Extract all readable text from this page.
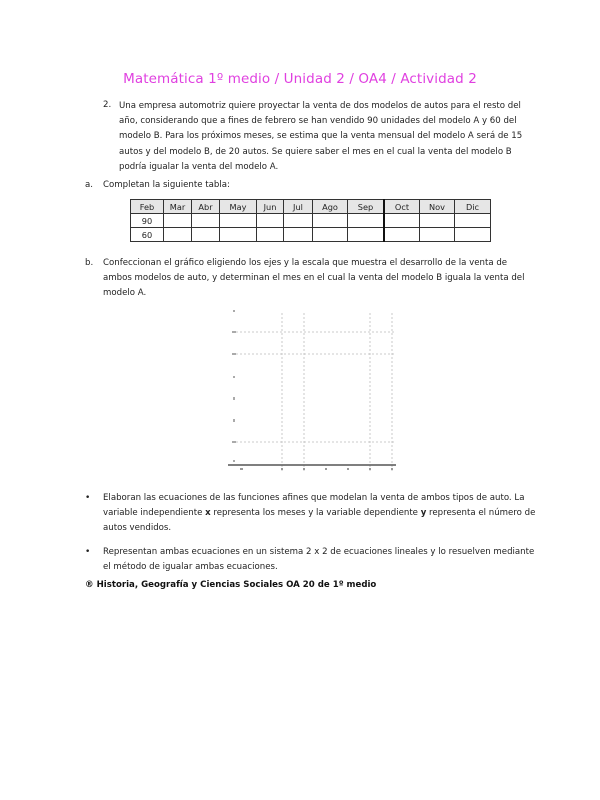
Matemática 1º medio / Unidad 2 / OA4 / Actividad 2
2. Una empresa automotriz quiere proyectar la venta de dos modelos de autos para el resto del año, considerando que a fines de febrero se han vendido 90 unidades del modelo A y 60 del modelo B. Para los próximos meses, se estima que la venta mensual del modelo A será de 15 autos y del modelo B, de 20 autos. Se quiere saber el mes en el cual la venta del modelo B podría igualar la venta del modelo A.
a. Completan la siguiente tabla:
Feb	Mar	Abr	May	Jun	Jul	Ago	Sep	Oct	Nov	Dic
90										
60										
b. Confeccionan el gráfico eligiendo los ejes y la escala que muestra el desarrollo de la venta de ambos modelos de auto, y determinan el mes en el cual la venta del modelo B iguala la venta del modelo A.
• Elaboran las ecuaciones de las funciones afines que modelan la venta de ambos tipos de auto. La variable independiente x representa los meses y la variable dependiente y representa el número de autos vendidos.
• Representan ambas ecuaciones en un sistema 2 x 2 de ecuaciones lineales y lo resuelven mediante el método de igualar ambas ecuaciones.
® Historia, Geografía y Ciencias Sociales OA 20 de 1º medio
